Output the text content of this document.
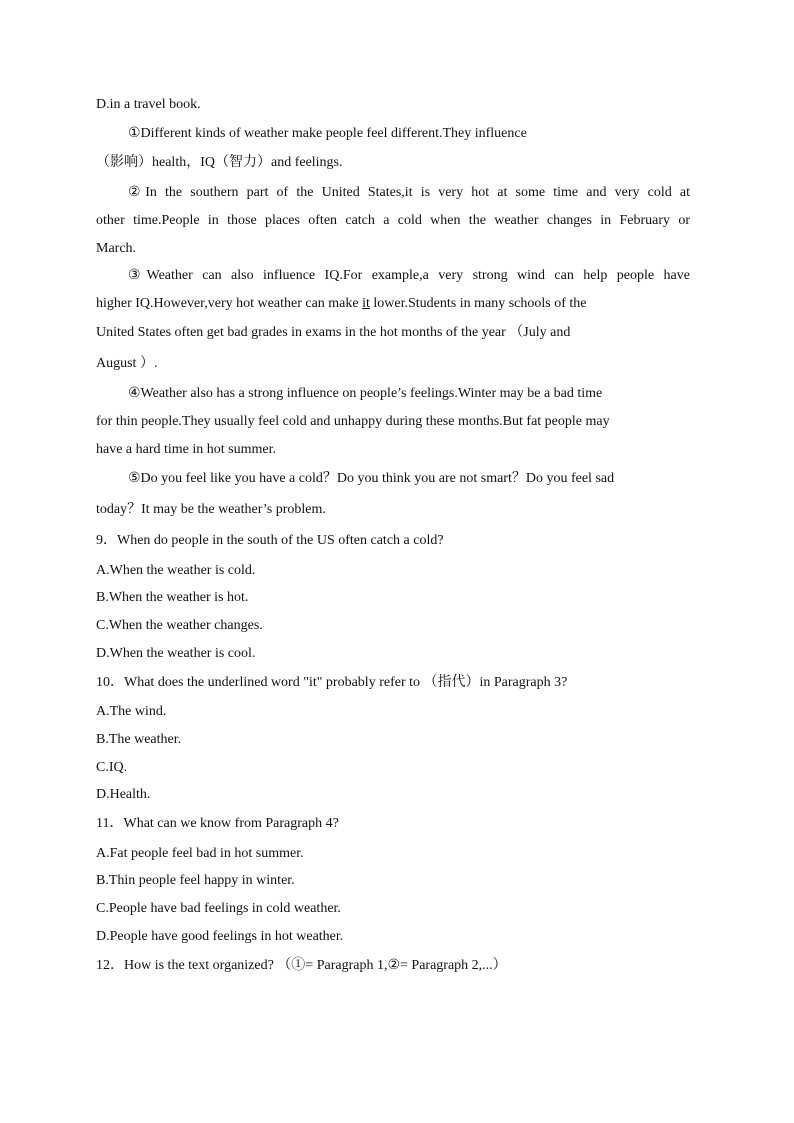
D.in a travel book.
①Different kinds of weather make people feel different.They influence
（影响）health，IQ（智力）and feelings.
②In the southern part of the United States,it is very hot at some time and very cold at
other time.People in those places often catch a cold when the weather changes in February or
March.
③Weather can also influence IQ.For example,a very strong wind can help people have
higher IQ.However,very hot weather can make it lower.Students in many schools of the
United States often get bad grades in exams in the hot months of the year （July and
August ）.
④Weather also has a strong influence on people’s feelings.Winter may be a bad time
for thin people.They usually feel cold and unhappy during these months.But fat people may
have a hard time in hot summer.
⑤Do you feel like you have a cold？Do you think you are not smart？Do you feel sad
today？It may be the weather’s problem.
9．When do people in the south of the US often catch a cold?
A.When the weather is cold.
B.When the weather is hot.
C.When the weather changes.
D.When the weather is cool.
10．What does the underlined word "it" probably refer to （指代）in Paragraph 3?
A.The wind.
B.The weather.
C.IQ.
D.Health.
11．What can we know from Paragraph 4?
A.Fat people feel bad in hot summer.
B.Thin people feel happy in winter.
C.People have bad feelings in cold weather.
D.People have good feelings in hot weather.
12．How is the text organized? （①= Paragraph 1,②= Paragraph 2,...）
